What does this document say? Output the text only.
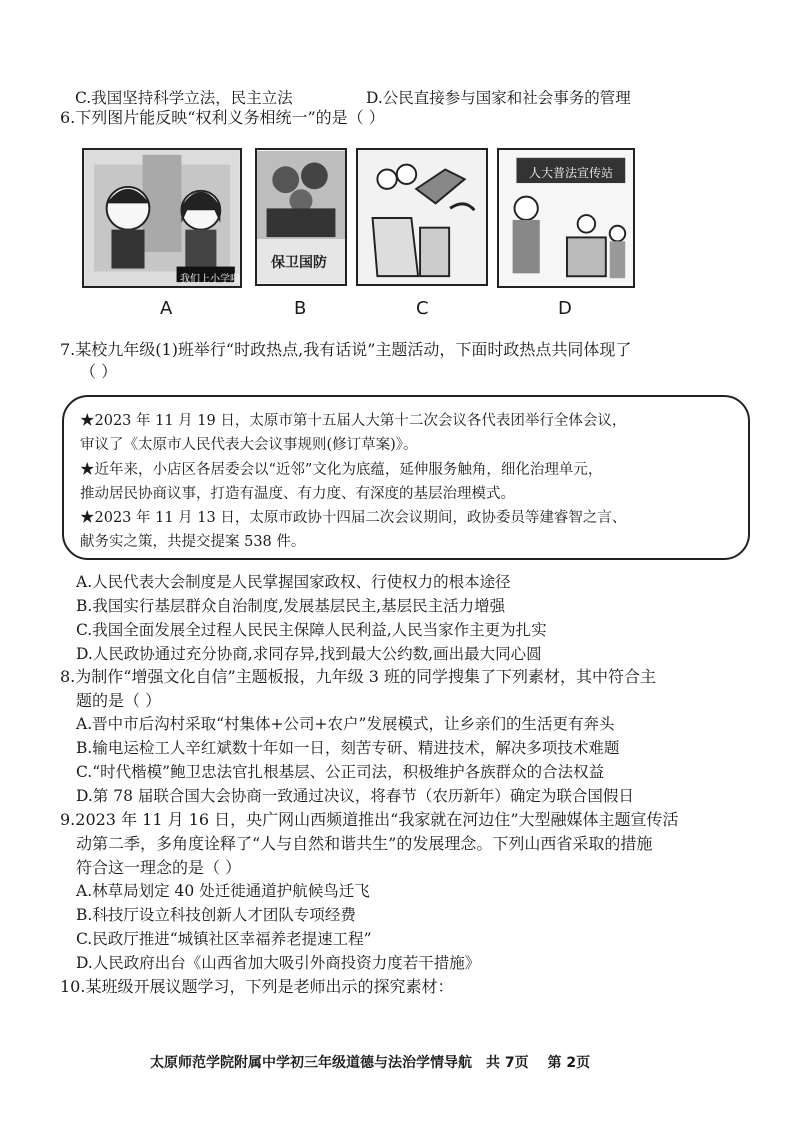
C.我国坚持科学立法，民主立法	D.公民直接参与国家和社会事务的管理
6.下列图片能反映“权利义务相统一”的是（ ）
我们上小学啦
保卫国防
人大普法宣传站
A	B	C	D
7.某校九年级(1)班举行“时政热点,我有话说”主题活动，下面时政热点共同体现了
（ ）
★2023 年 11 月 19 日，太原市第十五届人大第十二次会议各代表团举行全体会议，
审议了《太原市人民代表大会议事规则(修订草案)》。
★近年来，小店区各居委会以“近邻”文化为底蕴，延伸服务触角，细化治理单元，
推动居民协商议事，打造有温度、有力度、有深度的基层治理模式。
★2023 年 11 月 13 日，太原市政协十四届二次会议期间，政协委员等建睿智之言、
献务实之策，共提交提案 538 件。
A.人民代表大会制度是人民掌握国家政权、行使权力的根本途径
B.我国实行基层群众自治制度,发展基层民主,基层民主活力增强
C.我国全面发展全过程人民民主保障人民利益,人民当家作主更为扎实
D.人民政协通过充分协商,求同存异,找到最大公约数,画出最大同心圆
8.为制作“增强文化自信”主题板报，九年级 3 班的同学搜集了下列素材，其中符合主
题的是（ ）
A.晋中市后沟村采取“村集体+公司+农户”发展模式，让乡亲们的生活更有奔头
B.输电运检工人辛红斌数十年如一日，刻苦专研、精进技术，解决多项技术难题
C.“时代楷模”鲍卫忠法官扎根基层、公正司法，积极维护各族群众的合法权益
D.第 78 届联合国大会协商一致通过决议，将春节（农历新年）确定为联合国假日
9.2023 年 11 月 16 日，央广网山西频道推出“我家就在河边住”大型融媒体主题宣传活
动第二季，多角度诠释了“人与自然和谐共生”的发展理念。下列山西省采取的措施
符合这一理念的是（ ）
A.林草局划定 40 处迁徙通道护航候鸟迁飞
B.科技厅设立科技创新人才团队专项经费
C.民政厅推进“城镇社区幸福养老提速工程”
D.人民政府出台《山西省加大吸引外商投资力度若干措施》
10.某班级开展议题学习，下列是老师出示的探究素材：
太原师范学院附属中学初三年级道德与法治学情导航　共 7页　 第 2页
